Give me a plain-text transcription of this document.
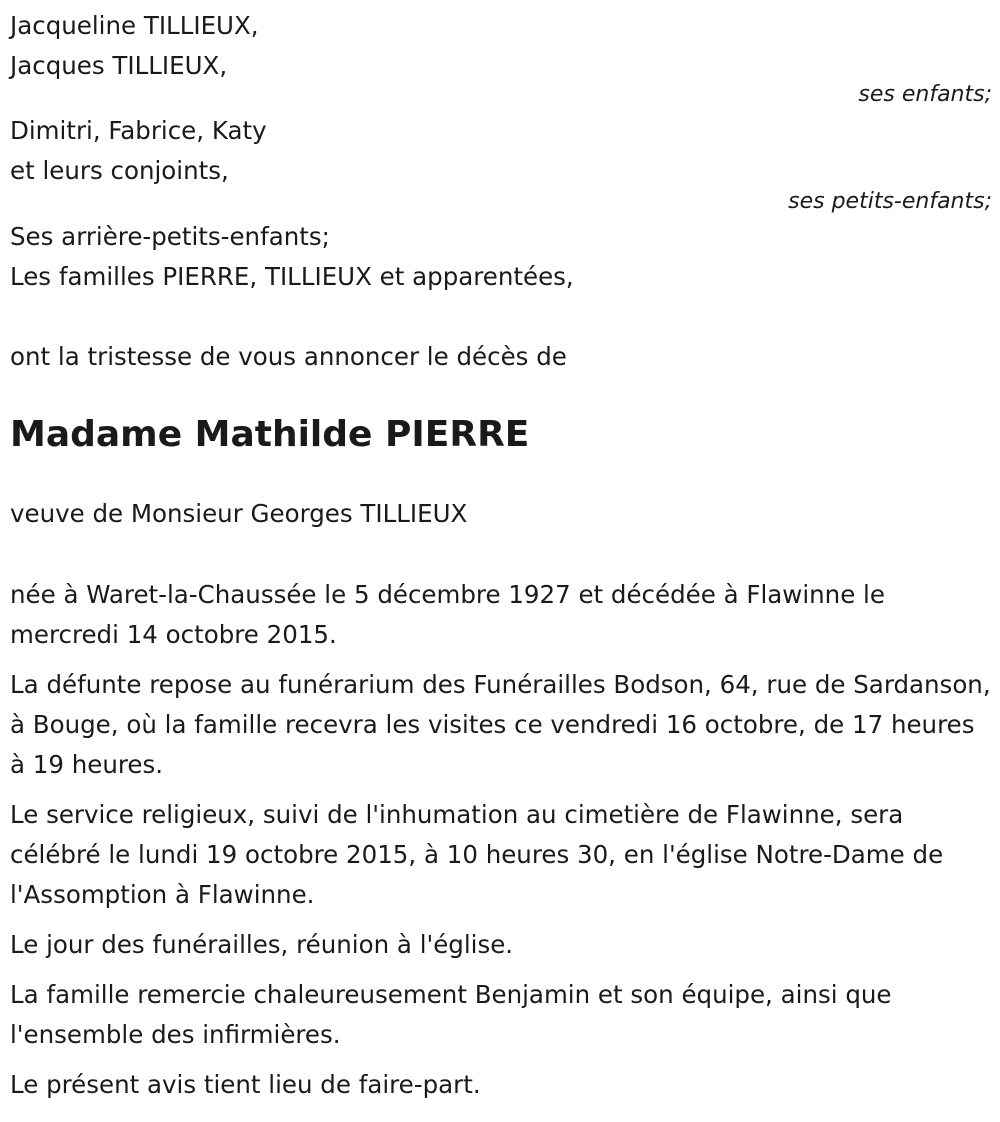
Jacqueline TILLIEUX,
Jacques TILLIEUX,
ses enfants;
Dimitri, Fabrice, Katy
et leurs conjoints,
ses petits-enfants;
Ses arrière-petits-enfants;
Les familles PIERRE, TILLIEUX et apparentées,
ont la tristesse de vous annoncer le décès de
Madame Mathilde PIERRE
veuve de Monsieur Georges TILLIEUX

née à Waret-la-Chaussée le 5 décembre 1927 et décédée à Flawinne le mercredi 14 octobre 2015.

La défunte repose au funérarium des Funérailles Bodson, 64, rue de Sardanson, à Bouge, où la famille recevra les visites ce vendredi 16 octobre, de 17 heures à 19 heures.

Le service religieux, suivi de l'inhumation au cimetière de Flawinne, sera célébré le lundi 19 octobre 2015, à 10 heures 30, en l'église Notre-Dame de l'Assomption à Flawinne.

Le jour des funérailles, réunion à l'église.

La famille remercie chaleureusement Benjamin et son équipe, ainsi que l'ensemble des infirmières.

Le présent avis tient lieu de faire-part.
